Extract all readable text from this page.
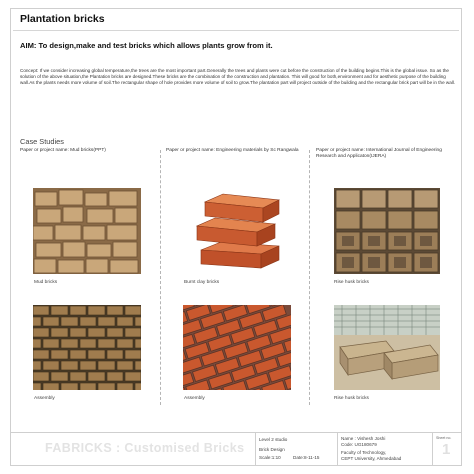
Plantation bricks
AIM: To design,make and test bricks which allows plants grow from it.
Concept: If we consider increasing global temperature,the trees are the most important part.Generally the trees and plants were cut before the construction of the building begins.This is the global issue. So as the solution of the above situation,the Plantation bricks are designed.These bricks are the combination of the construction and plantation. This will good for both,environment and for aesthetic purpose of the building wall.As the plants needs more volume of soil.The rectangular shape of hole provides more volume of soil to grow.The plantation part will project outside of the building and the rectangular brick part will be in the wall.
Case Studies
Paper or project name: Mud bricks(PPT)	Paper or project name: Engineering materials by Sc Rangwala	Paper or project name: International Journal of Engineering Research and Applicaton(IJERA)
Mud bricks
Assembly
Burnt clay bricks
Assembly
Rise husk bricks
Rise husk bricks
FABRICKS : Customised Bricks
Level 2 studio
Brick Design
Scale:1:10	Date:8-11-15
Name : Vishesh Joshi
Code: UG180679
Faculty of Technology,
CEPT University, Ahmedabad
Sheet no.
1
